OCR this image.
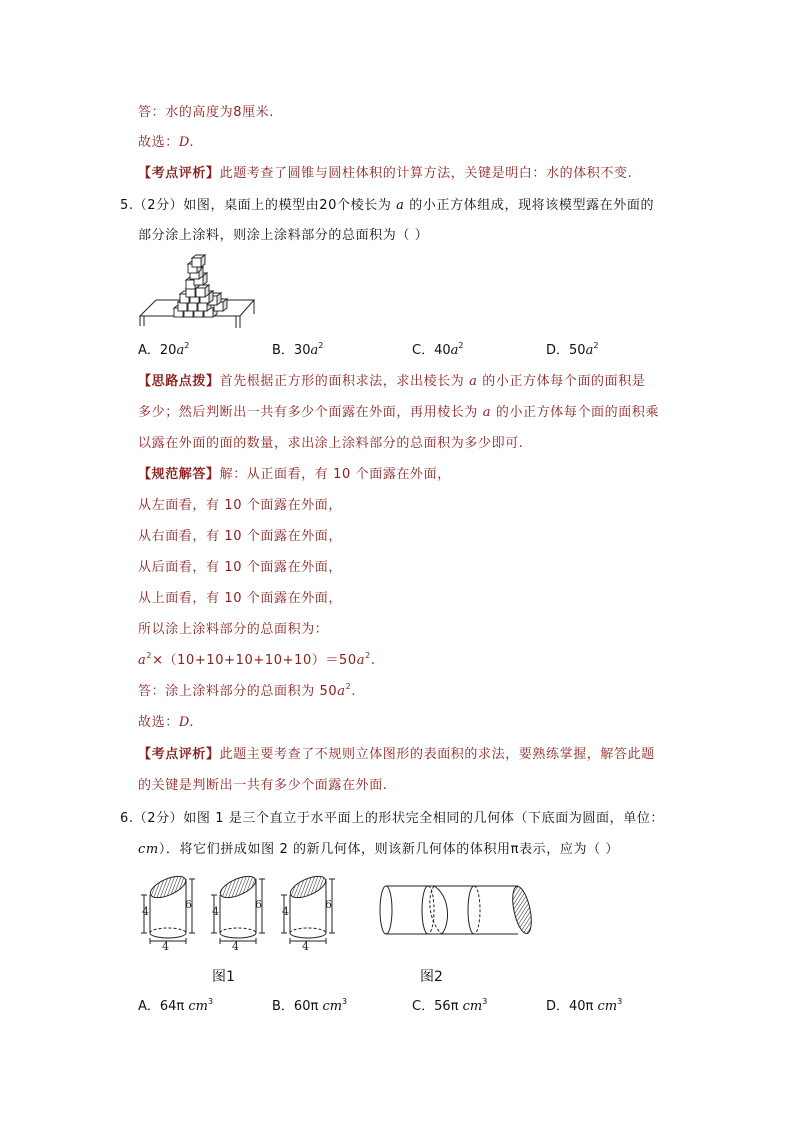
答：水的高度为8厘米.
故选：D.
【考点评析】此题考查了圆锥与圆柱体积的计算方法，关键是明白：水的体积不变.
5.（2分）如图，桌面上的模型由20个棱长为 a 的小正方体组成，现将该模型露在外面的
部分涂上涂料，则涂上涂料部分的总面积为（ ）
A．$20a^2$	B．$30a^2$	C．$40a^2$	D．$50a^2$
【思路点拨】首先根据正方形的面积求法，求出棱长为 a 的小正方体每个面的面积是
多少；然后判断出一共有多少个面露在外面，再用棱长为 a 的小正方体每个面的面积乘
以露在外面的面的数量，求出涂上涂料部分的总面积为多少即可.
【规范解答】解：从正面看，有 10 个面露在外面，
从左面看，有 10 个面露在外面，
从右面看，有 10 个面露在外面，
从后面看，有 10 个面露在外面，
从上面看，有 10 个面露在外面，
所以涂上涂料部分的总面积为：
$a^2\times(10+10+10+10+10)=50a^2$.
答：涂上涂料部分的总面积为 $50a^2$.
故选：D.
【考点评析】此题主要考查了不规则立体图形的表面积的求法，要熟练掌握，解答此题
的关键是判断出一共有多少个面露在外面.
6.（2分）如图 1 是三个直立于水平面上的形状完全相同的几何体（下底面为圆面，单位：
cm）．将它们拼成如图 2 的新几何体，则该新几何体的体积用π表示，应为（ ）
4
6
4
4
6
4
4
6
4
图1	图2
A．64π $cm^3$	B．60π $cm^3$	C．56π $cm^3$	D．40π $cm^3$
